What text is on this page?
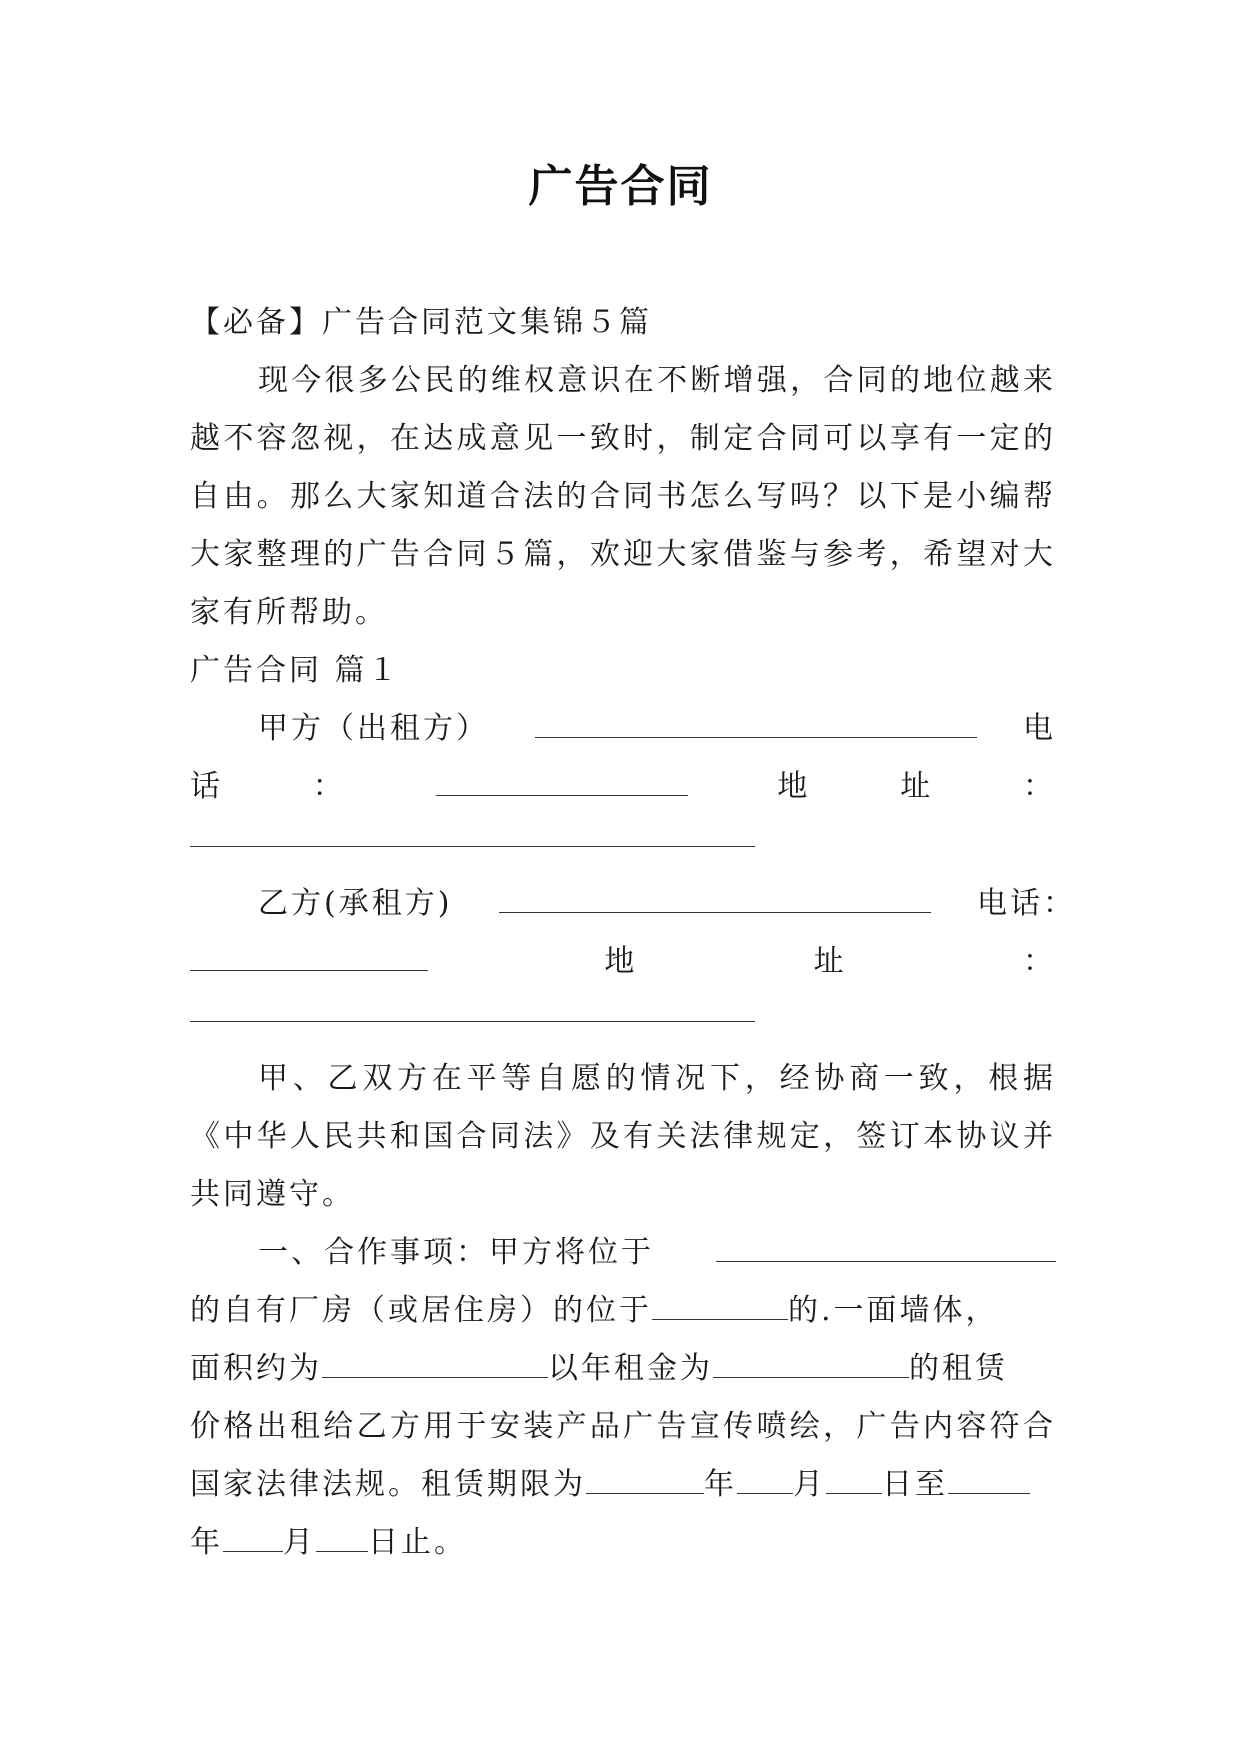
广告合同

【必备】广告合同范文集锦５篇

现今很多公民的维权意识在不断增强，合同的地位越来越不容忽视，在达成意见一致时，制定合同可以享有一定的自由。那么大家知道合法的合同书怎么写吗？以下是小编帮大家整理的广告合同５篇，欢迎大家借鉴与参考，希望对大家有所帮助。

广告合同 篇１

甲方（出租方）	电
话	：	地	址	：
乙方(承租方)	电话：
地	址	：

甲、乙双方在平等自愿的情况下，经协商一致，根据《中华人民共和国合同法》及有关法律规定，签订本协议并共同遵守。

一、合作事项：甲方将位于
的自有厂房（或居住房）的位于	的.一面墙体，
面积约为	以年租金为	的租赁

价格出租给乙方用于安装产品广告宣传喷绘，广告内容符合国家法律法规。租赁期限为	年 月 日至
年 月 日止。
